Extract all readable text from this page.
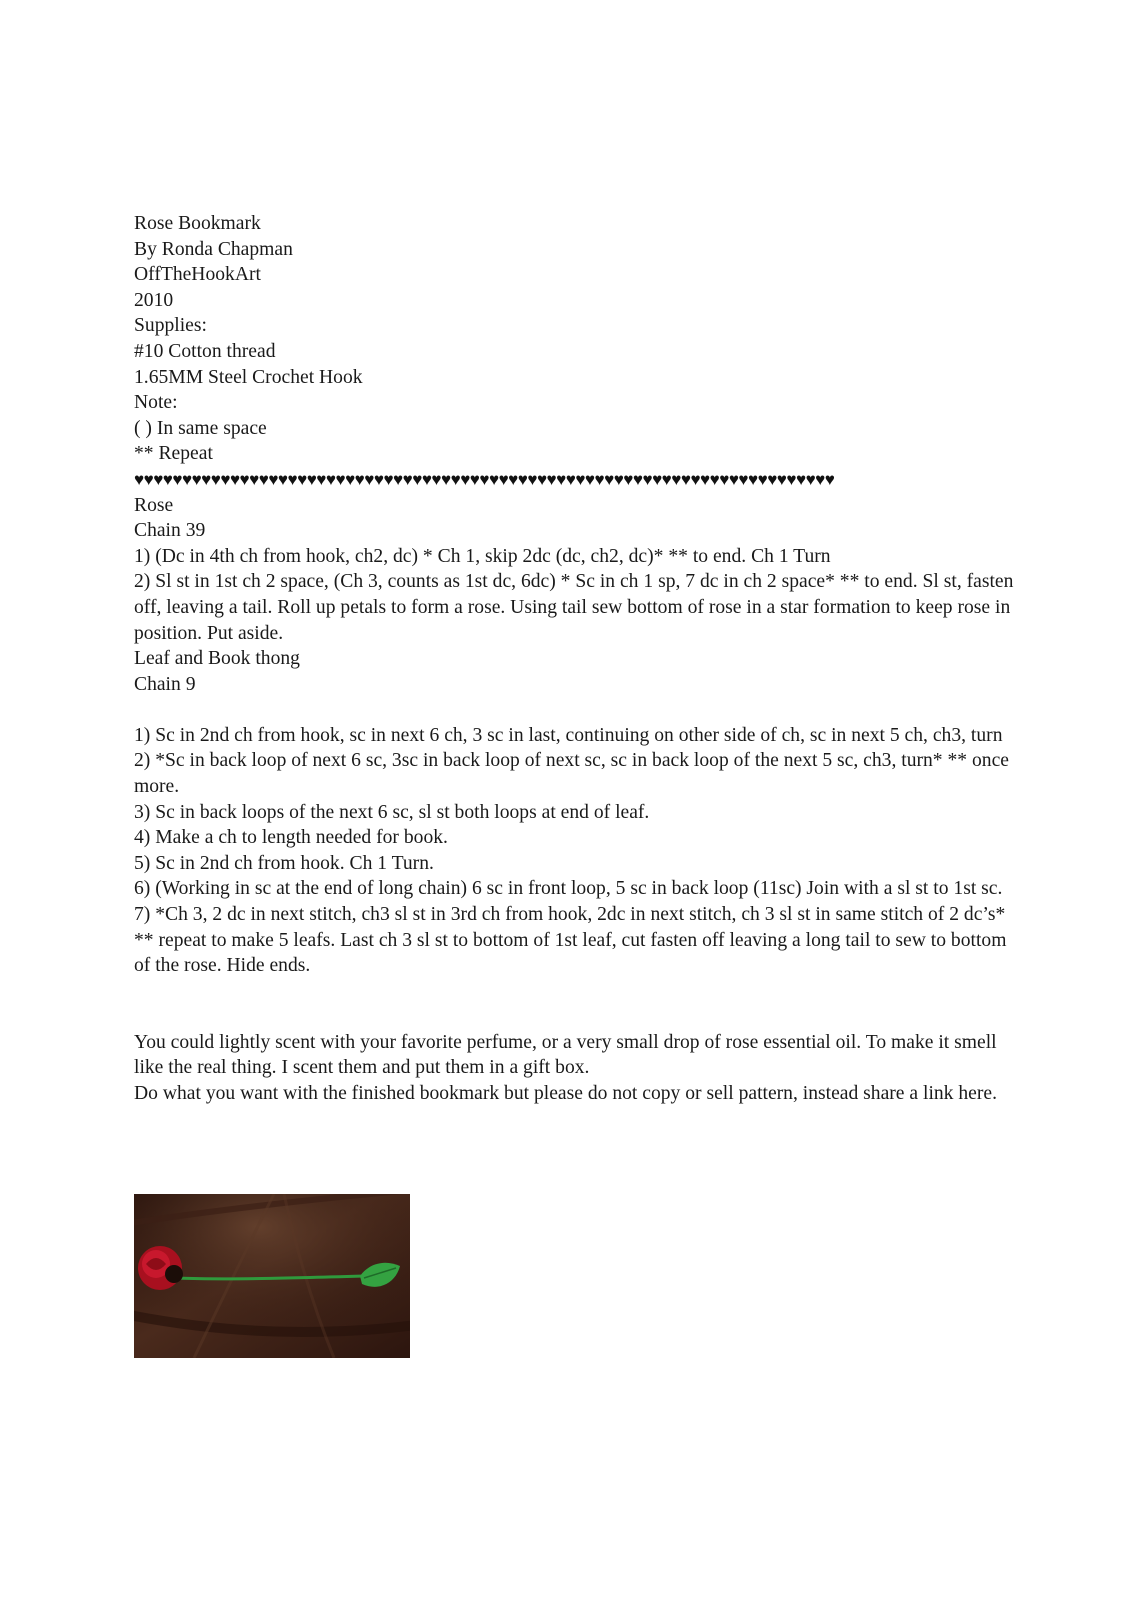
Rose Bookmark
By Ronda Chapman
OffTheHookArt
2010
Supplies:
#10 Cotton thread
1.65MM Steel Crochet Hook
Note:
( ) In same space
** Repeat
♥♥♥♥♥♥♥♥♥♥♥♥♥♥♥♥♥♥♥♥♥♥♥♥♥♥♥♥♥♥♥♥♥♥♥♥♥♥♥♥♥♥♥♥♥♥♥♥♥♥♥♥♥♥♥♥♥♥♥♥♥♥♥♥♥♥♥♥♥♥♥♥♥
Rose
Chain 39
1) (Dc in 4th ch from hook, ch2, dc) * Ch 1, skip 2dc (dc, ch2, dc)* ** to end. Ch 1 Turn
2) Sl st in 1st ch 2 space, (Ch 3, counts as 1st dc, 6dc) * Sc in ch 1 sp, 7 dc in ch 2 space* ** to end. Sl st, fasten off, leaving a tail. Roll up petals to form a rose. Using tail sew bottom of rose in a star formation to keep rose in position. Put aside.
Leaf and Book thong
Chain 9
1) Sc in 2nd ch from hook, sc in next 6 ch, 3 sc in last, continuing on other side of ch, sc in next 5 ch, ch3, turn
2) *Sc in back loop of next 6 sc, 3sc in back loop of next sc, sc in back loop of the next 5 sc, ch3, turn* ** once more.
3) Sc in back loops of the next 6 sc, sl st both loops at end of leaf.
4) Make a ch to length needed for book.
5) Sc in 2nd ch from hook. Ch 1 Turn.
6) (Working in sc at the end of long chain) 6 sc in front loop, 5 sc in back loop (11sc) Join with a sl st to 1st sc.
7) *Ch 3, 2 dc in next stitch, ch3 sl st in 3rd ch from hook, 2dc in next stitch, ch 3 sl st in same stitch of 2 dc’s* ** repeat to make 5 leafs. Last ch 3 sl st to bottom of 1st leaf, cut fasten off leaving a long tail to sew to bottom of the rose. Hide ends.
You could lightly scent with your favorite perfume, or a very small drop of rose essential oil. To make it smell like the real thing. I scent them and put them in a gift box.
Do what you want with the finished bookmark but please do not copy or sell pattern, instead share a link here.
